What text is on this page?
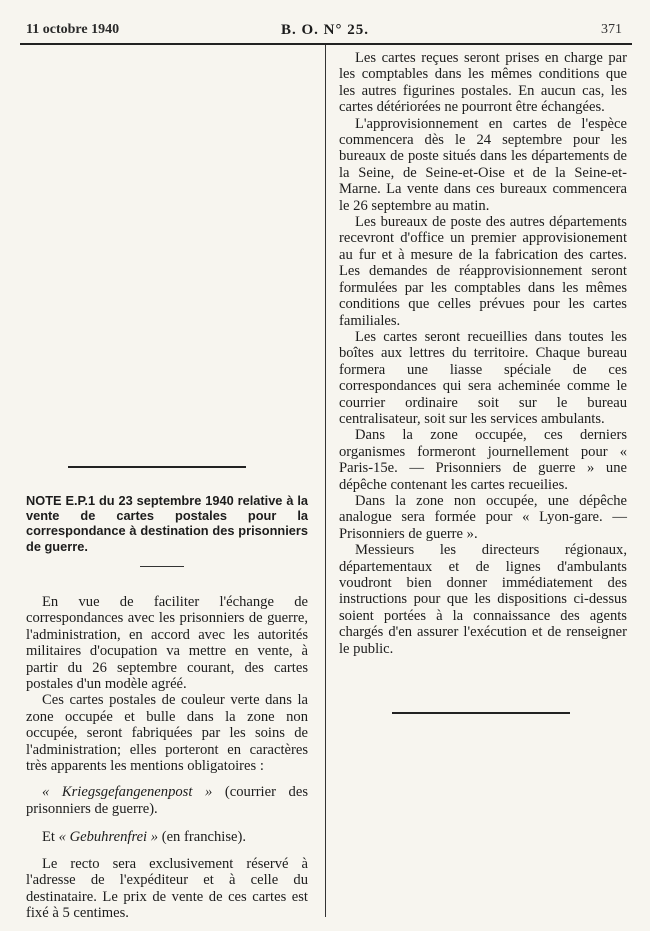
11 octobre 1940	B. O. N° 25.	371
NOTE E.P.1 du 23 septembre 1940 relative à la vente de cartes postales pour la correspondance à destination des prisonniers de guerre.

En vue de faciliter l'échange de correspondances avec les prisonniers de guerre, l'administration, en accord avec les autorités militaires d'ocupation va mettre en vente, à partir du 26 septembre courant, des cartes postales d'un modèle agréé.

Ces cartes postales de couleur verte dans la zone occupée et bulle dans la zone non occupée, seront fabriquées par les soins de l'administration; elles porteront en caractères très apparents les mentions obligatoires :

« Kriegsgefangenenpost » (courrier des prisonniers de guerre).

Et « Gebuhrenfrei » (en franchise).

Le recto sera exclusivement réservé à l'adresse de l'expéditeur et à celle du destinataire. Le prix de vente de ces cartes est fixé à 5 centimes.

Les cartes reçues seront prises en charge par les comptables dans les mêmes conditions que les autres figurines postales. En aucun cas, les cartes détériorées ne pourront être échangées.

L'approvisionnement en cartes de l'espèce commencera dès le 24 septembre pour les bureaux de poste situés dans les départements de la Seine, de Seine-et-Oise et de la Seine-et-Marne. La vente dans ces bureaux commencera le 26 septembre au matin.

Les bureaux de poste des autres départements recevront d'office un premier approvisionement au fur et à mesure de la fabrication des cartes. Les demandes de réapprovisionnement seront formulées par les comptables dans les mêmes conditions que celles prévues pour les cartes familiales.

Les cartes seront recueillies dans toutes les boîtes aux lettres du territoire. Chaque bureau formera une liasse spéciale de ces correspondances qui sera acheminée comme le courrier ordinaire soit sur le bureau centralisateur, soit sur les services ambulants.

Dans la zone occupée, ces derniers organismes formeront journellement pour « Paris-15e. — Prisonniers de guerre » une dépêche contenant les cartes recueilies.

Dans la zone non occupée, une dépêche analogue sera formée pour « Lyon-gare. — Prisonniers de guerre ».

Messieurs les directeurs régionaux, départementaux et de lignes d'ambulants voudront bien donner immédiatement des instructions pour que les dispositions ci-dessus soient portées à la connaissance des agents chargés d'en assurer l'exécution et de renseigner le public.
